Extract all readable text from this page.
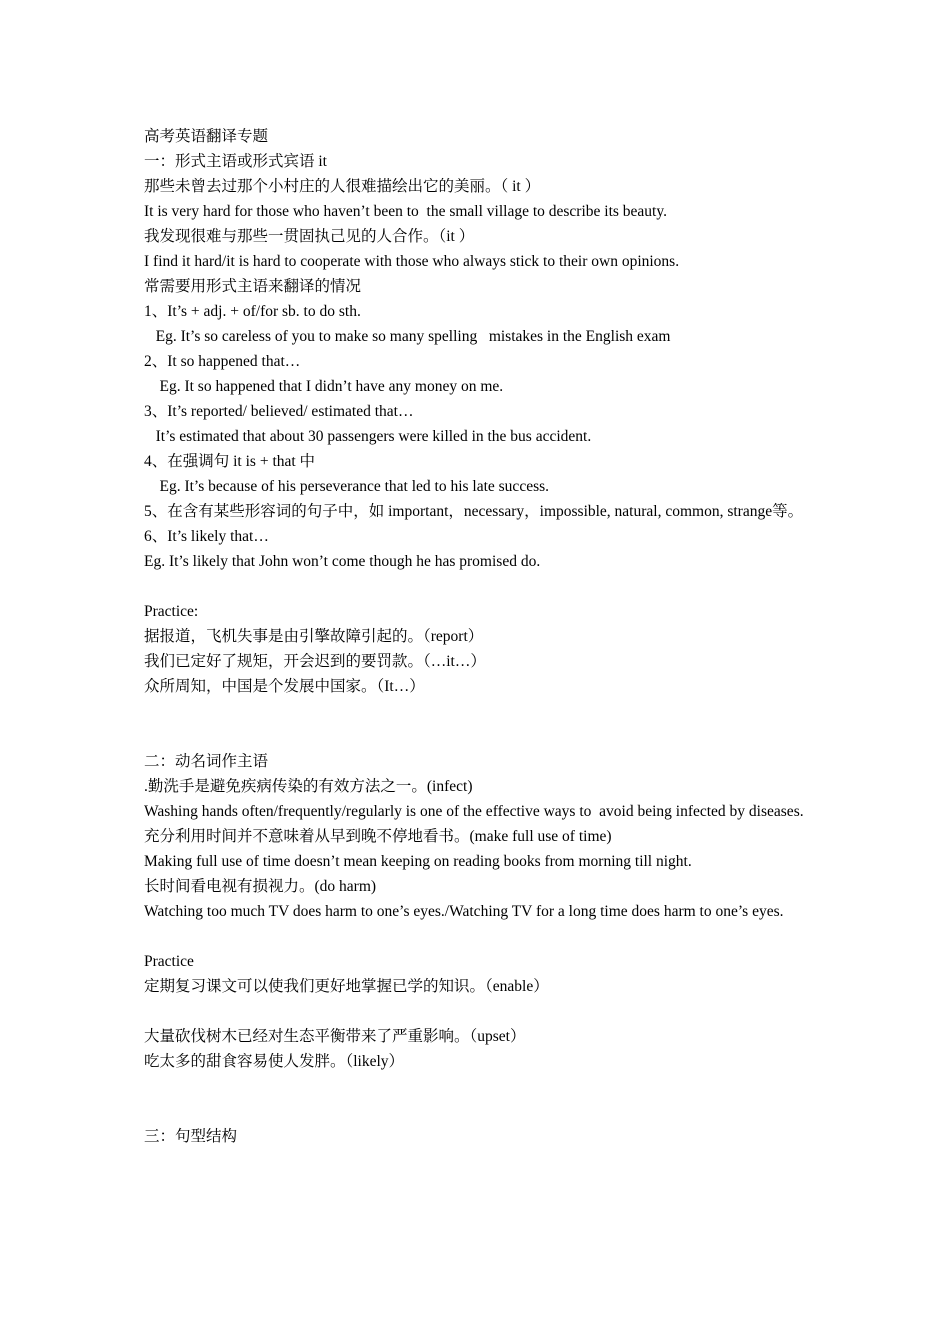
高考英语翻译专题
一：形式主语或形式宾语 it
那些未曾去过那个小村庄的人很难描绘出它的美丽。（ it ）
It is very hard for those who haven’t been to  the small village to describe its beauty.
我发现很难与那些一贯固执己见的人合作。（it ）
I find it hard/it is hard to cooperate with those who always stick to their own opinions.
常需要用形式主语来翻译的情况
1、It’s + adj. + of/for sb. to do sth.
Eg. It’s so careless of you to make so many spelling   mistakes in the English exam
2、It so happened that…
Eg. It so happened that I didn’t have any money on me.
3、It’s reported/ believed/ estimated that…
It’s estimated that about 30 passengers were killed in the bus accident.
4、在强调句 it is + that 中
Eg. It’s because of his perseverance that led to his late success.
5、在含有某些形容词的句子中，如 important，necessary，impossible, natural, common, strange等。
6、It’s likely that…
Eg. It’s likely that John won’t come though he has promised do.
Practice:
据报道，飞机失事是由引擎故障引起的。（report）
我们已定好了规矩，开会迟到的要罚款。（…it…）
众所周知，中国是个发展中国家。（It…）
二：动名词作主语
.勤洗手是避免疾病传染的有效方法之一。(infect)
Washing hands often/frequently/regularly is one of the effective ways to  avoid being infected by diseases.
充分利用时间并不意味着从早到晚不停地看书。(make full use of time)
Making full use of time doesn’t mean keeping on reading books from morning till night.
长时间看电视有损视力。(do harm)
Watching too much TV does harm to one’s eyes./Watching TV for a long time does harm to one’s eyes.
Practice
定期复习课文可以使我们更好地掌握已学的知识。（enable）
大量砍伐树木已经对生态平衡带来了严重影响。（upset）
吃太多的甜食容易使人发胖。（likely）
三：句型结构
